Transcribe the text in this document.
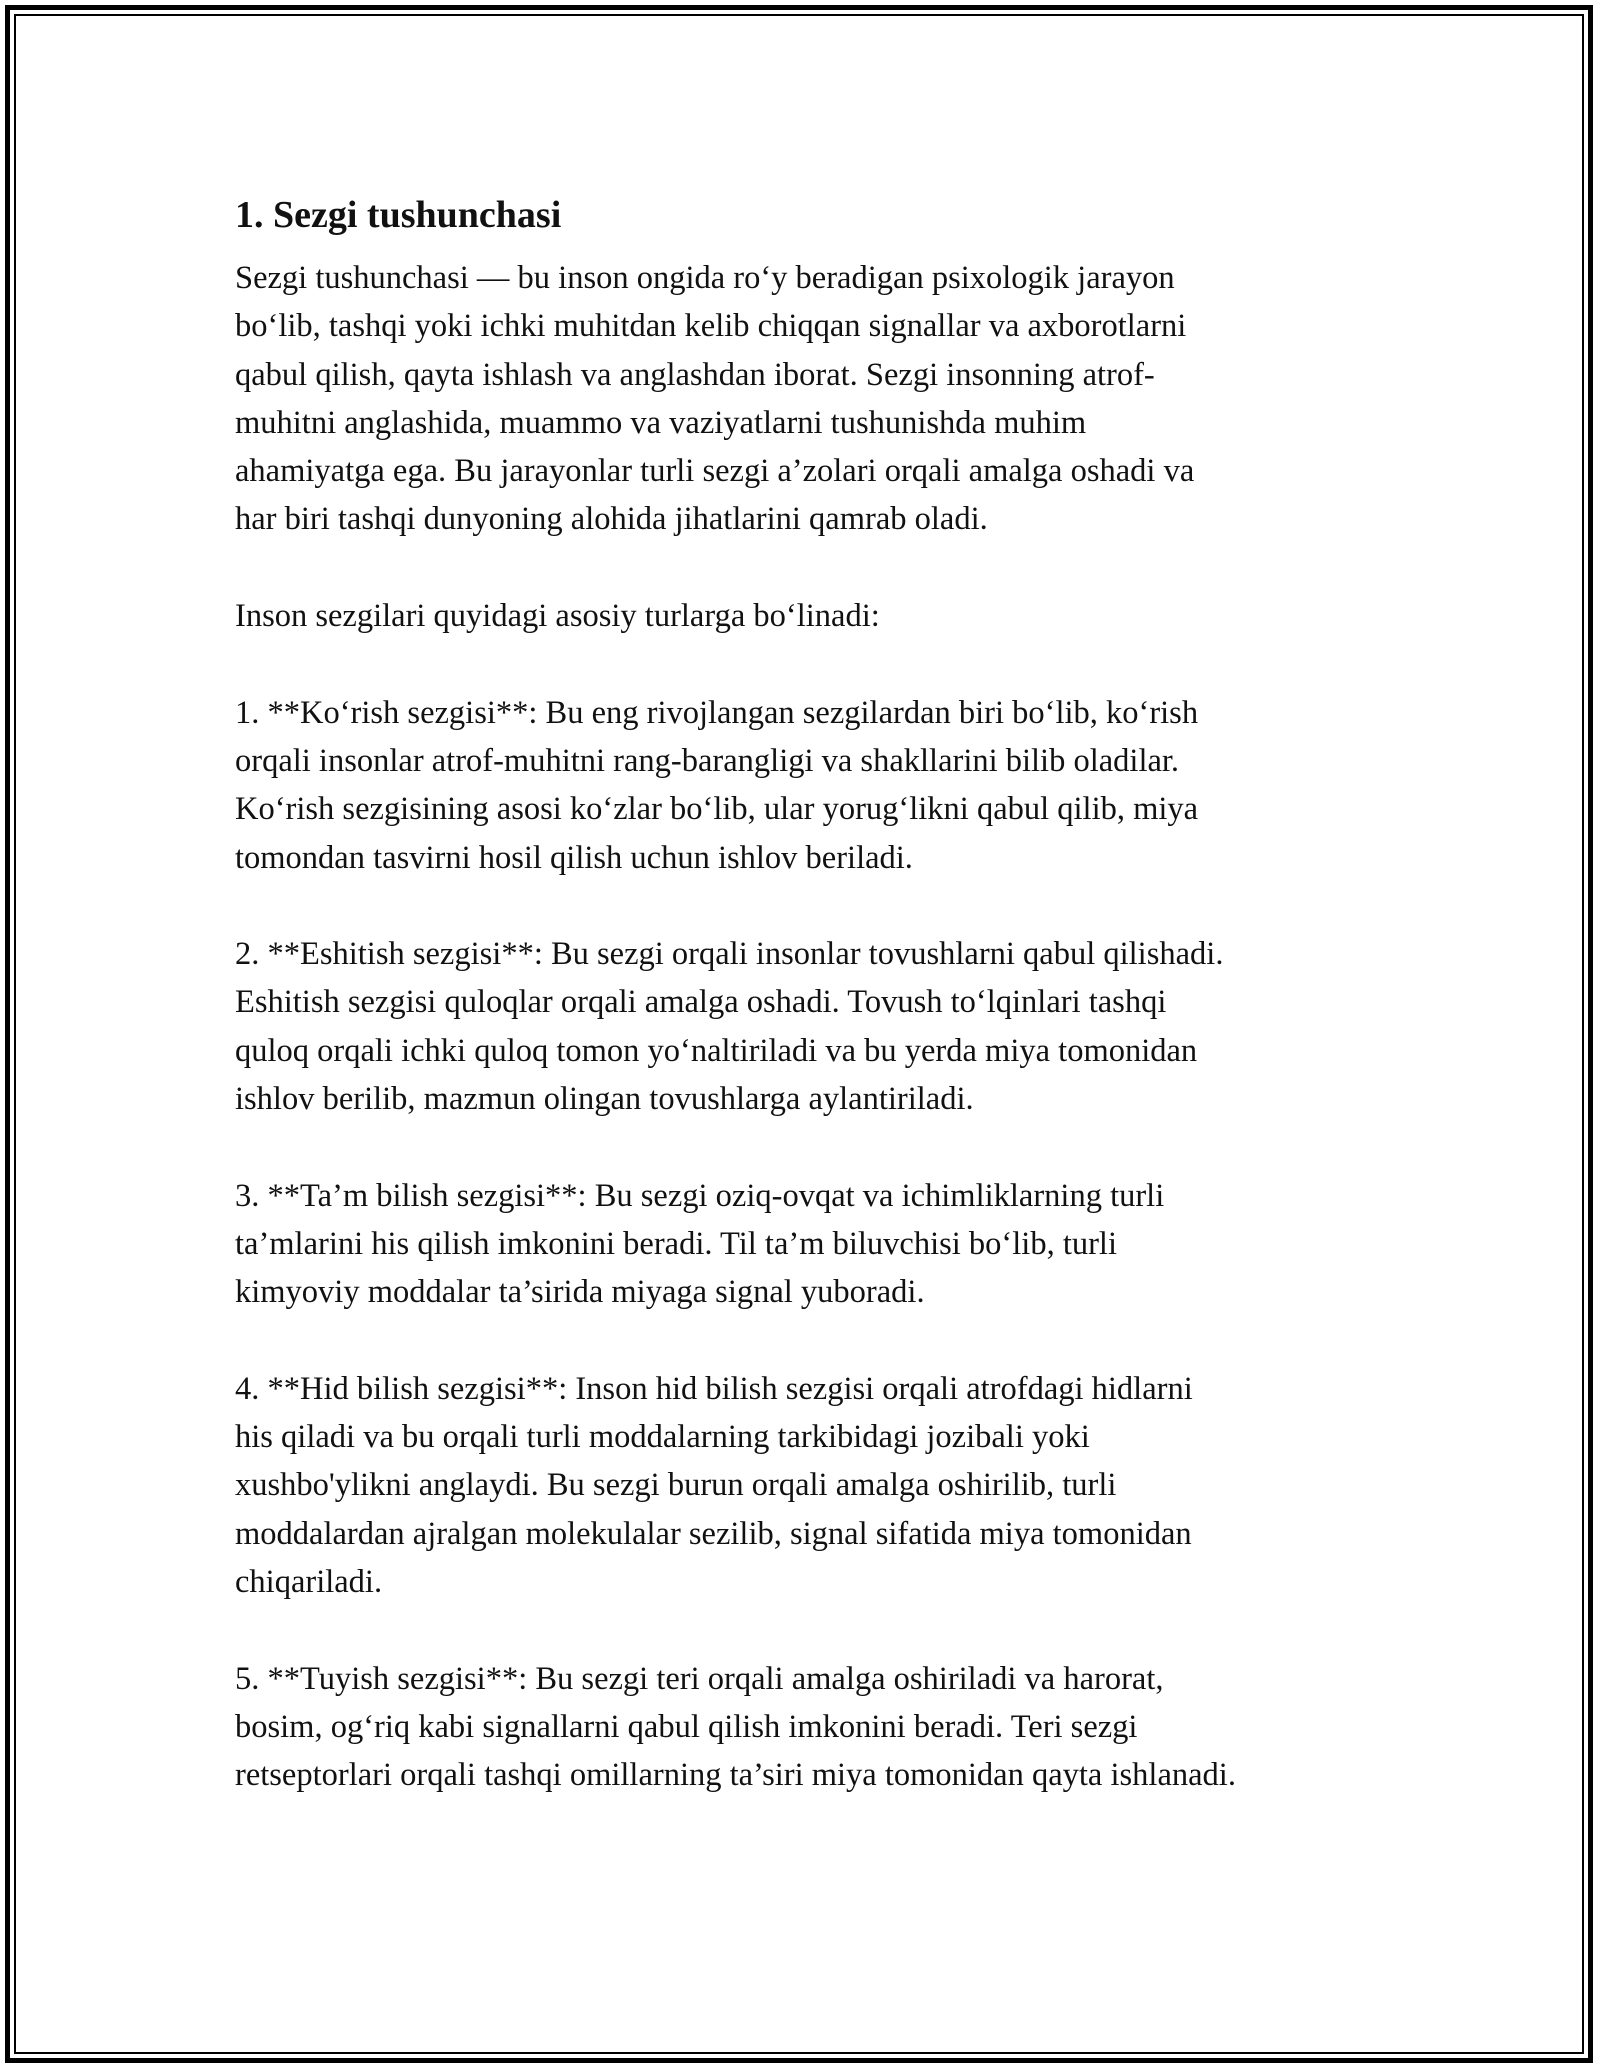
1. Sezgi tushunchasi
Sezgi tushunchasi — bu inson ongida ro‘y beradigan psixologik jarayon
bo‘lib, tashqi yoki ichki muhitdan kelib chiqqan signallar va axborotlarni
qabul qilish, qayta ishlash va anglashdan iborat. Sezgi insonning atrof-
muhitni anglashida, muammo va vaziyatlarni tushunishda muhim
ahamiyatga ega. Bu jarayonlar turli sezgi a’zolari orqali amalga oshadi va
har biri tashqi dunyoning alohida jihatlarini qamrab oladi.
Inson sezgilari quyidagi asosiy turlarga bo‘linadi:
1. **Ko‘rish sezgisi**: Bu eng rivojlangan sezgilardan biri bo‘lib, ko‘rish
orqali insonlar atrof-muhitni rang-barangligi va shakllarini bilib oladilar.
Ko‘rish sezgisining asosi ko‘zlar bo‘lib, ular yorug‘likni qabul qilib, miya
tomondan tasvirni hosil qilish uchun ishlov beriladi.
2. **Eshitish sezgisi**: Bu sezgi orqali insonlar tovushlarni qabul qilishadi.
Eshitish sezgisi quloqlar orqali amalga oshadi. Tovush to‘lqinlari tashqi
quloq orqali ichki quloq tomon yo‘naltiriladi va bu yerda miya tomonidan
ishlov berilib, mazmun olingan tovushlarga aylantiriladi.
3. **Ta’m bilish sezgisi**: Bu sezgi oziq-ovqat va ichimliklarning turli
ta’mlarini his qilish imkonini beradi. Til ta’m biluvchisi bo‘lib, turli
kimyoviy moddalar ta’sirida miyaga signal yuboradi.
4. **Hid bilish sezgisi**: Inson hid bilish sezgisi orqali atrofdagi hidlarni
his qiladi va bu orqali turli moddalarning tarkibidagi jozibali yoki
xushbo'ylikni anglaydi. Bu sezgi burun orqali amalga oshirilib, turli
moddalardan ajralgan molekulalar sezilib, signal sifatida miya tomonidan
chiqariladi.
5. **Tuyish sezgisi**: Bu sezgi teri orqali amalga oshiriladi va harorat,
bosim, og‘riq kabi signallarni qabul qilish imkonini beradi. Teri sezgi
retseptorlari orqali tashqi omillarning ta’siri miya tomonidan qayta ishlanadi.
